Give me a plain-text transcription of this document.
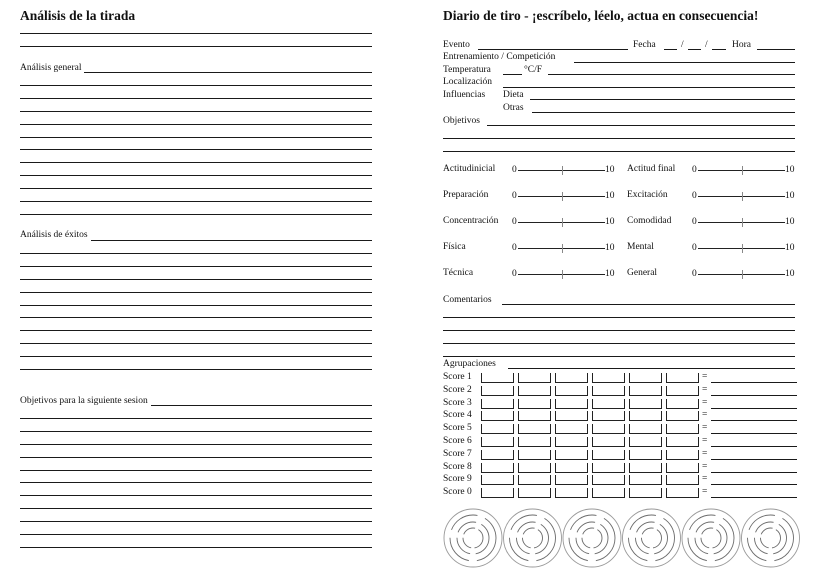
Análisis de la tirada
Análisis general
Análisis de éxitos
Objetivos para la siguiente sesion
Diario de tiro - ¡escríbelo, léelo, actua en consecuencia!
Evento	Fecha	/ /	Hora
Entrenamiento / Competición
Temperatura	°C/F
Localización
Influencias Dieta
Otras
Objetivos
Actitudinicial 0	10 Actitud final 0	10
Preparación 0	10 Excitación	0	10
Concentración 0	10 Comodidad 0	10
Física	0	10 Mental	0	10
Técnica	0	10 General	0	10
Comentarios
Agrupaciones
Score 1	=
Score 2	=
Score 3	=
Score 4	=
Score 5	=
Score 6	=
Score 7	=
Score 8	=
Score 9	=
Score 0	=
